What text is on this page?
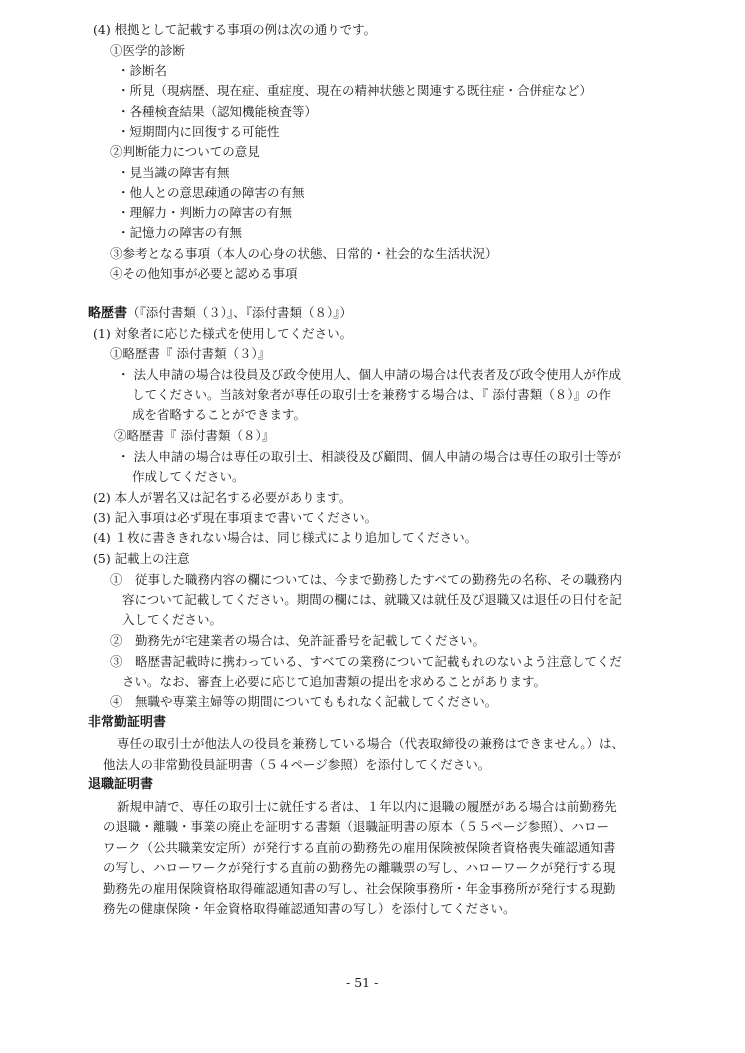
(4) 根拠として記載する事項の例は次の通りです。
①医学的診断
・診断名
・所見（現病歴、現在症、重症度、現在の精神状態と関連する既往症・合併症など）
・各種検査結果（認知機能検査等）
・短期間内に回復する可能性
②判断能力についての意見
・見当識の障害有無
・他人との意思疎通の障害の有無
・理解力・判断力の障害の有無
・記憶力の障害の有無
③参考となる事項（本人の心身の状態、日常的・社会的な生活状況）
④その他知事が必要と認める事項
略歴書（『添付書類（３）』、『添付書類（８）』）
(1) 対象者に応じた様式を使用してください。
①略歴書『 添付書類（３）』
・ 法人申請の場合は役員及び政令使用人、個人申請の場合は代表者及び政令使用人が作成
してください。当該対象者が専任の取引士を兼務する場合は、『 添付書類（８）』の作
成を省略することができます。
②略歴書『 添付書類（８）』
・ 法人申請の場合は専任の取引士、相談役及び顧問、個人申請の場合は専任の取引士等が
作成してください。
(2) 本人が署名又は記名する必要があります。
(3) 記入事項は必ず現在事項まで書いてください。
(4) １枚に書ききれない場合は、同じ様式により追加してください。
(5) 記載上の注意
①　従事した職務内容の欄については、今まで勤務したすべての勤務先の名称、その職務内
容について記載してください。期間の欄には、就職又は就任及び退職又は退任の日付を記
入してください。
②　勤務先が宅建業者の場合は、免許証番号を記載してください。
③　略歴書記載時に携わっている、すべての業務について記載もれのないよう注意してくだ
さい。なお、審査上必要に応じて追加書類の提出を求めることがあります。
④　無職や専業主婦等の期間についてももれなく記載してください。
非常勤証明書
専任の取引士が他法人の役員を兼務している場合（代表取締役の兼務はできません。）は、
他法人の非常勤役員証明書（５４ページ参照）を添付してください。
退職証明書
新規申請で、専任の取引士に就任する者は、１年以内に退職の履歴がある場合は前勤務先
の退職・離職・事業の廃止を証明する書類（退職証明書の原本（５５ページ参照）、ハロー
ワーク（公共職業安定所）が発行する直前の勤務先の雇用保険被保険者資格喪失確認通知書
の写し、ハローワークが発行する直前の勤務先の離職票の写し、ハローワークが発行する現
勤務先の雇用保険資格取得確認通知書の写し、社会保険事務所・年金事務所が発行する現勤
務先の健康保険・年金資格取得確認通知書の写し）を添付してください。
- 51 -
